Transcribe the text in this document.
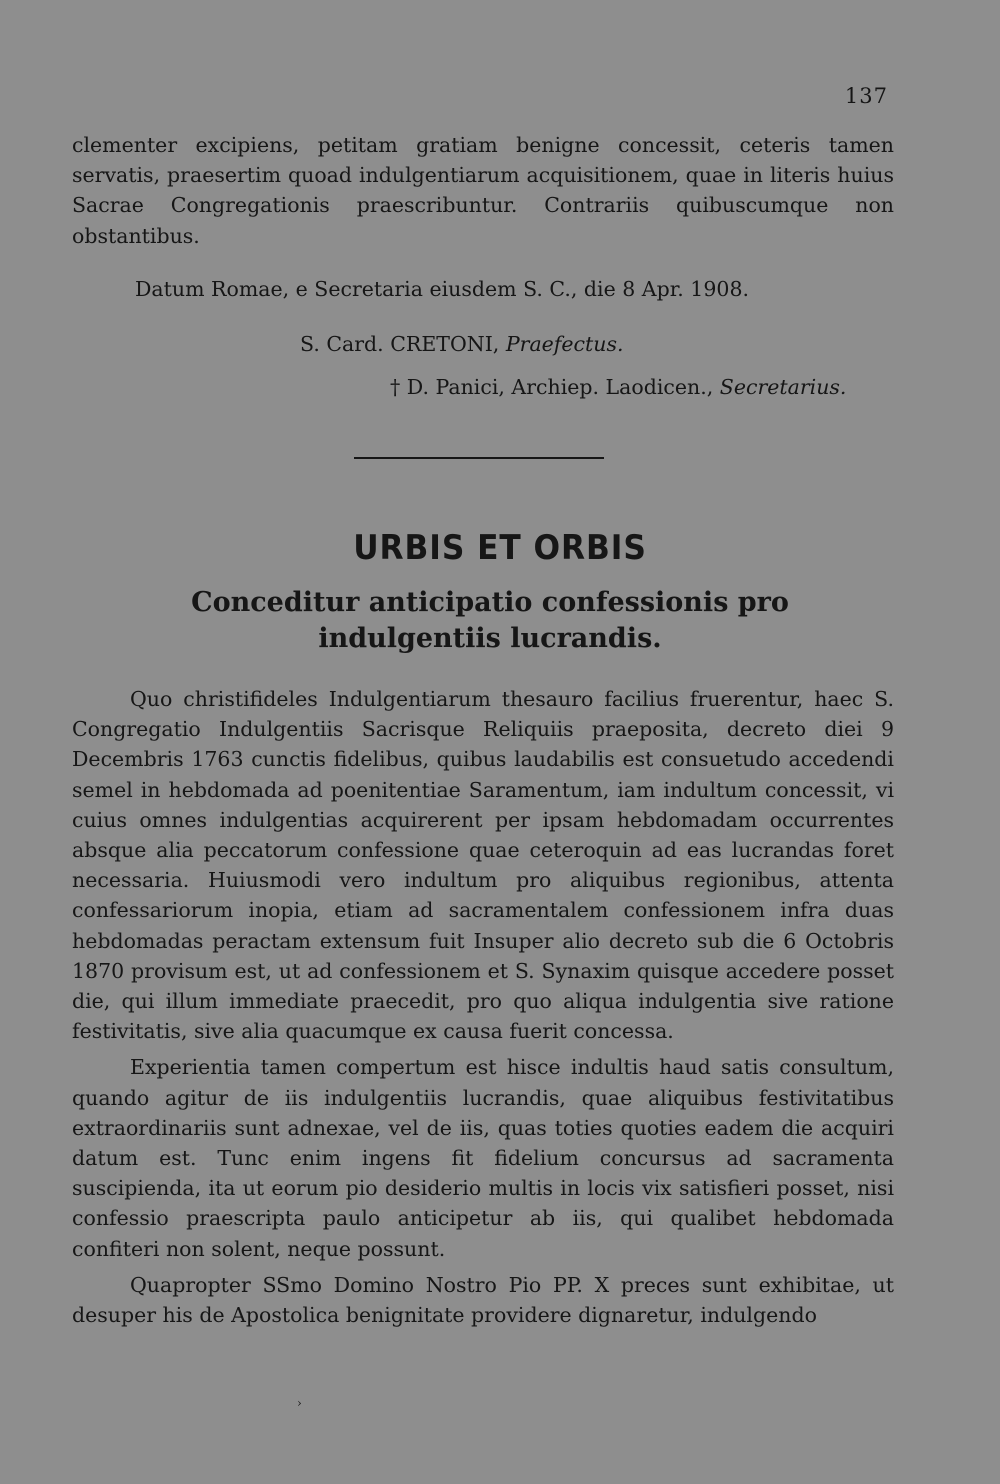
137

clementer excipiens, petitam gratiam benigne concessit, ceteris tamen servatis, praesertim quoad indulgentiarum acquisitionem, quae in literis huius Sacrae Congregationis praescribuntur. Contrariis quibuscumque non obstantibus.

Datum Romae, e Secretaria eiusdem S. C., die 8 Apr. 1908.
S. Card. CRETONI, Praefectus.
† D. Panici, Archiep. Laodicen., Secretarius.
URBIS ET ORBIS
Conceditur anticipatio confessionis pro indulgentiis lucrandis.

Quo christifideles Indulgentiarum thesauro facilius fruerentur, haec S. Congregatio Indulgentiis Sacrisque Reliquiis praeposita, decreto diei 9 Decembris 1763 cunctis fidelibus, quibus laudabilis est consuetudo accedendi semel in hebdomada ad poenitentiae Saramentum, iam indultum concessit, vi cuius omnes indulgentias acquirerent per ipsam hebdomadam occurrentes absque alia peccatorum confessione quae ceteroquin ad eas lucrandas foret necessaria. Huiusmodi vero indultum pro aliquibus regionibus, attenta confessariorum inopia, etiam ad sacramentalem confessionem infra duas hebdomadas peractam extensum fuit Insuper alio decreto sub die 6 Octobris 1870 provisum est, ut ad confessionem et S. Synaxim quisque accedere posset die, qui illum immediate praecedit, pro quo aliqua indulgentia sive ratione festivitatis, sive alia quacumque ex causa fuerit concessa.

Experientia tamen compertum est hisce indultis haud satis consultum, quando agitur de iis indulgentiis lucrandis, quae aliquibus festivitatibus extraordinariis sunt adnexae, vel de iis, quas toties quoties eadem die acquiri datum est. Tunc enim ingens fit fidelium concursus ad sacramenta suscipienda, ita ut eorum pio desiderio multis in locis vix satisfieri posset, nisi confessio praescripta paulo anticipetur ab iis, qui qualibet hebdomada confiteri non solent, neque possunt.

Quapropter SSmo Domino Nostro Pio PP. X preces sunt exhibitae, ut desuper his de Apostolica benignitate providere dignaretur, indulgendo

›
